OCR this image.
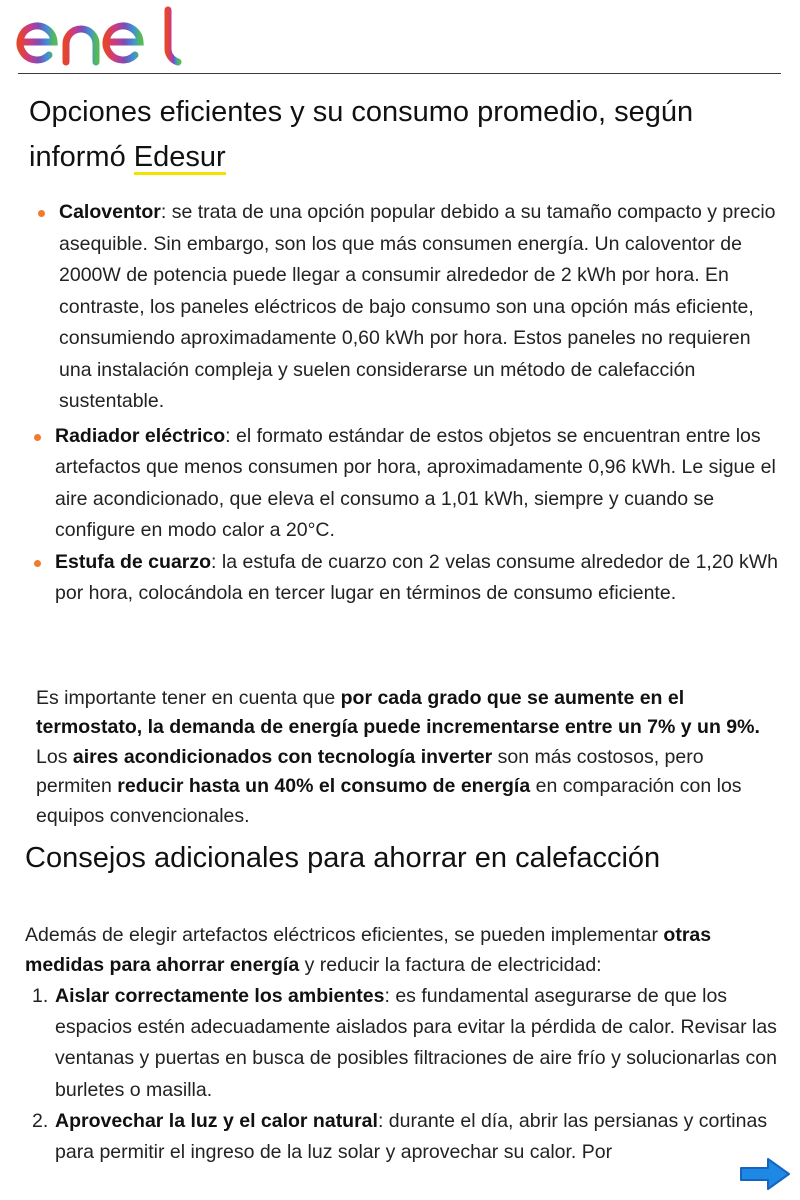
Opciones eficientes y su consumo promedio, según informó Edesur
Caloventor: se trata de una opción popular debido a su tamaño compacto y precio asequible. Sin embargo, son los que más consumen energía. Un caloventor de 2000W de potencia puede llegar a consumir alrededor de 2 kWh por hora. En contraste, los paneles eléctricos de bajo consumo son una opción más eficiente, consumiendo aproximadamente 0,60 kWh por hora. Estos paneles no requieren una instalación compleja y suelen considerarse un método de calefacción sustentable.
Radiador eléctrico: el formato estándar de estos objetos se encuentran entre los artefactos que menos consumen por hora, aproximadamente 0,96 kWh. Le sigue el aire acondicionado, que eleva el consumo a 1,01 kWh, siempre y cuando se configure en modo calor a 20°C.
Estufa de cuarzo: la estufa de cuarzo con 2 velas consume alrededor de 1,20 kWh por hora, colocándola en tercer lugar en términos de consumo eficiente.

Es importante tener en cuenta que por cada grado que se aumente en el termostato, la demanda de energía puede incrementarse entre un 7% y un 9%. Los aires acondicionados con tecnología inverter son más costosos, pero permiten reducir hasta un 40% el consumo de energía en comparación con los equipos convencionales.

Consejos adicionales para ahorrar en calefacción

Además de elegir artefactos eléctricos eficientes, se pueden implementar otras medidas para ahorrar energía y reducir la factura de electricidad:

1. Aislar correctamente los ambientes: es fundamental asegurarse de que los espacios estén adecuadamente aislados para evitar la pérdida de calor. Revisar las ventanas y puertas en busca de posibles filtraciones de aire frío y solucionarlas con burletes o masilla.
2. Aprovechar la luz y el calor natural: durante el día, abrir las persianas y cortinas para permitir el ingreso de la luz solar y aprovechar su calor. Por
